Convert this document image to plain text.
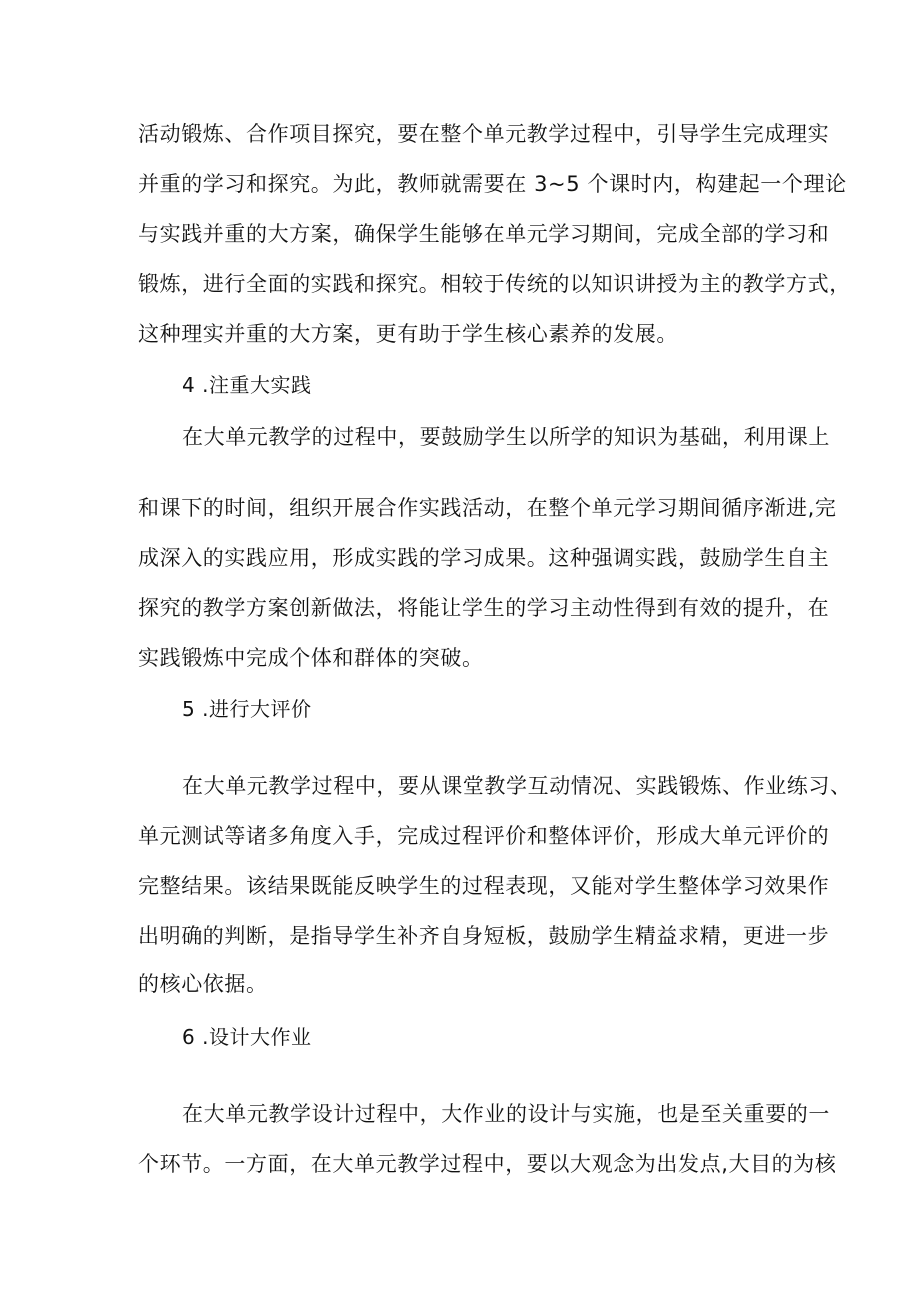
活动锻炼、合作项目探究，要在整个单元教学过程中，引导学生完成理实
并重的学习和探究。为此，教师就需要在 3~5 个课时内，构建起一个理论
与实践并重的大方案，确保学生能够在单元学习期间，完成全部的学习和
锻炼，进行全面的实践和探究。相较于传统的以知识讲授为主的教学方式，
这种理实并重的大方案，更有助于学生核心素养的发展。
4 .注重大实践
在大单元教学的过程中，要鼓励学生以所学的知识为基础，利用课上
和课下的时间，组织开展合作实践活动，在整个单元学习期间循序渐进,完
成深入的实践应用，形成实践的学习成果。这种强调实践，鼓励学生自主
探究的教学方案创新做法，将能让学生的学习主动性得到有效的提升，在
实践锻炼中完成个体和群体的突破。
5 .进行大评价
在大单元教学过程中，要从课堂教学互动情况、实践锻炼、作业练习、
单元测试等诸多角度入手，完成过程评价和整体评价，形成大单元评价的
完整结果。该结果既能反映学生的过程表现，又能对学生整体学习效果作
出明确的判断，是指导学生补齐自身短板，鼓励学生精益求精，更进一步
的核心依据。
6 .设计大作业
在大单元教学设计过程中，大作业的设计与实施，也是至关重要的一
个环节。一方面，在大单元教学过程中，要以大观念为出发点,大目的为核
